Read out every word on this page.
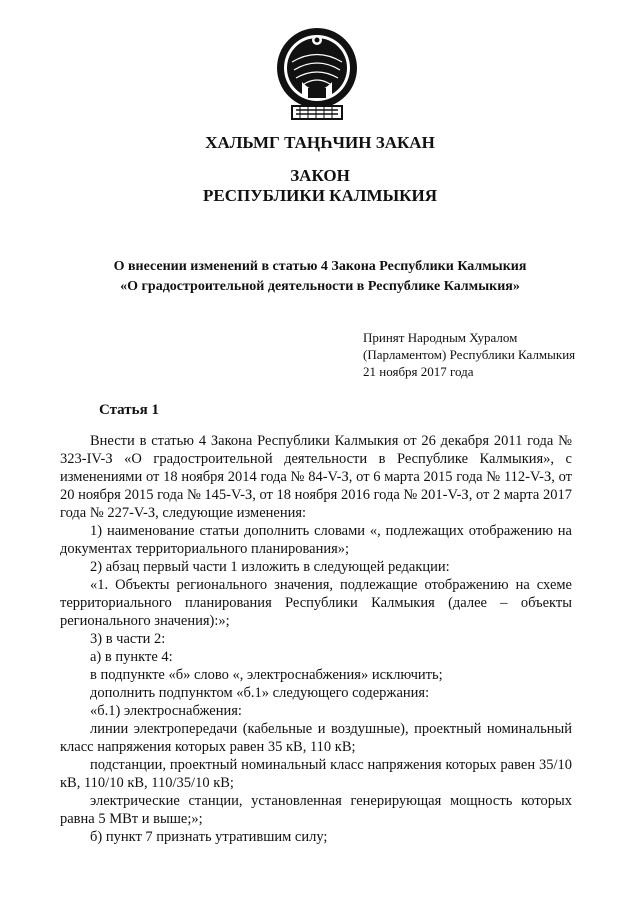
ХАЛЬМГ ТАҢҺЧИН ЗАКАН
ЗАКОН
РЕСПУБЛИКИ КАЛМЫКИЯ
О внесении изменений в статью 4 Закона Республики Калмыкия
«О градостроительной деятельности в Республике Калмыкия»
Принят Народным Хуралом
(Парламентом) Республики Калмыкия
21 ноября 2017 года
Статья 1

Внести в статью 4 Закона Республики Калмыкия от 26 декабря 2011 года № 323-IV-З «О градостроительной деятельности в Республике Калмыкия», с изменениями от 18 ноября 2014 года № 84-V-З, от 6 марта 2015 года № 112-V-З, от 20 ноября 2015 года № 145-V-З, от 18 ноября 2016 года № 201-V-З, от 2 марта 2017 года № 227-V-З, следующие изменения:

1) наименование статьи дополнить словами «, подлежащих отображению на документах территориального планирования»;

2) абзац первый части 1 изложить в следующей редакции:

«1. Объекты регионального значения, подлежащие отображению на схеме территориального планирования Республики Калмыкия (далее – объекты регионального значения):»;

3) в части 2:

а) в пункте 4:

в подпункте «б» слово «, электроснабжения» исключить;

дополнить подпунктом «б.1» следующего содержания:

«б.1) электроснабжения:

линии электропередачи (кабельные и воздушные), проектный номинальный класс напряжения которых равен 35 кВ, 110 кВ;

подстанции, проектный номинальный класс напряжения которых равен 35/10 кВ, 110/10 кВ, 110/35/10 кВ;

электрические станции, установленная генерирующая мощность которых равна 5 МВт и выше;»;

б) пункт 7 признать утратившим силу;
